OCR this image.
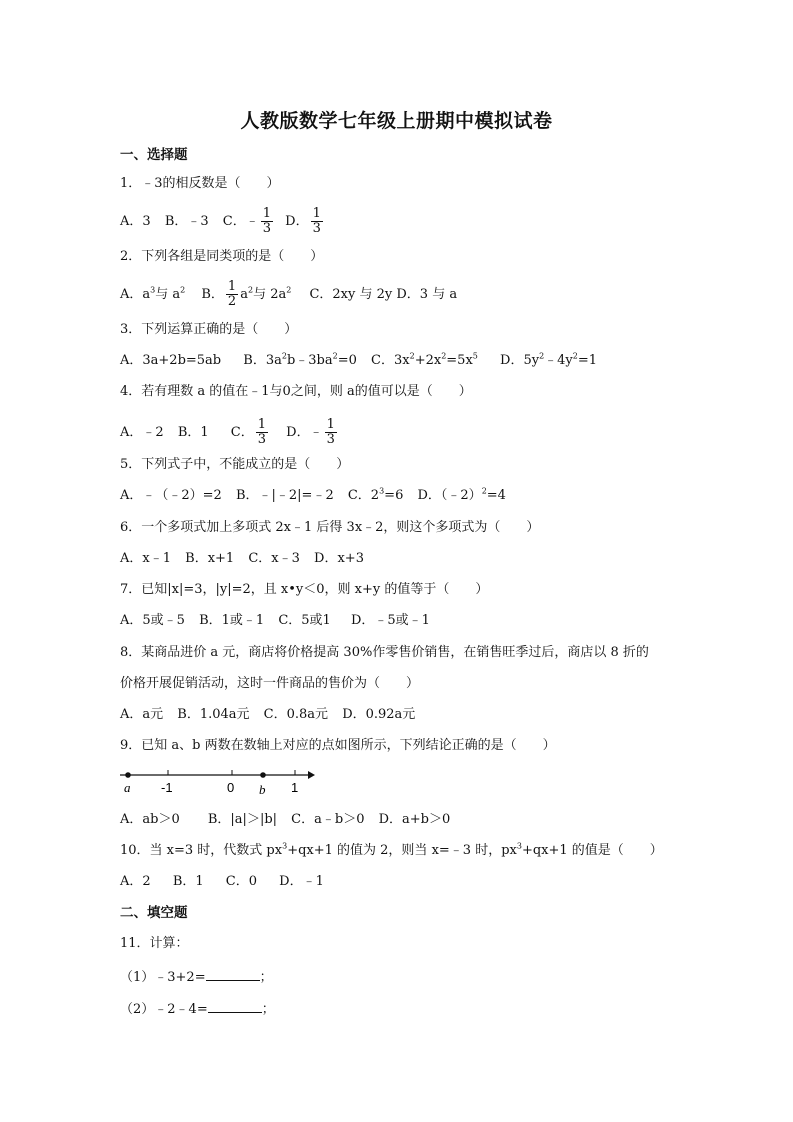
人教版数学七年级上册期中模拟试卷
一、选择题
1．﹣3的相反数是（　　）
A．3 B．﹣3 C．﹣ $\frac{1}{3}$ D． $\frac{1}{3}$
2．下列各组是同类项的是（　　）
A．$a^3$与 $a^2$ B． $\frac{1}{2} a^2$与 $2a^2$ C．2xy 与 2y D．3 与 a
3．下列运算正确的是（　　）
A．3a+2b=5ab B．$3a^2b﹣3ba^2=0$ C．$3x^2+2x^2=5x^5$ D．$5y^2﹣4y^2=1$
4．若有理数 a 的值在﹣1与0之间，则 a的值可以是（　　）
A．﹣2 B．1 C． $\frac{1}{3}$ D．﹣ $\frac{1}{3}$
5．下列式子中，不能成立的是（　　）
A．﹣（﹣2）=2 B．﹣|﹣2|=﹣2 C．$2^3=6$ D．（﹣2）$^2$=4
6．一个多项式加上多项式 2x﹣1 后得 3x﹣2，则这个多项式为（　　）
A．x﹣1 B．x+1 C．x﹣3 D．x+3
7．已知|x|=3，|y|=2，且 x•y＜0，则 x+y 的值等于（　　）
A．5或﹣5 B．1或﹣1 C．5或1 D．﹣5或﹣1
8．某商品进价 a 元，商店将价格提高 30%作零售价销售，在销售旺季过后，商店以 8 折的
价格开展促销活动，这时一件商品的售价为（　　）
A．a元 B．1.04a元 C．0.8a元 D．0.92a元
9．已知 a、b 两数在数轴上对应的点如图所示，下列结论正确的是（　　）
a -1	0 b 1
A．ab＞0 B．|a|＞|b| C．a﹣b＞0 D．a+b＞0
10．当 x=3 时，代数式 $px^3+qx+1$ 的值为 2，则当 x=﹣3 时，$px^3+qx+1$ 的值是（　　）
A．2 B．1 C．0 D．﹣1
二、填空题
11．计算：
（1）﹣3+2=	；
（2）﹣2﹣4=	；
